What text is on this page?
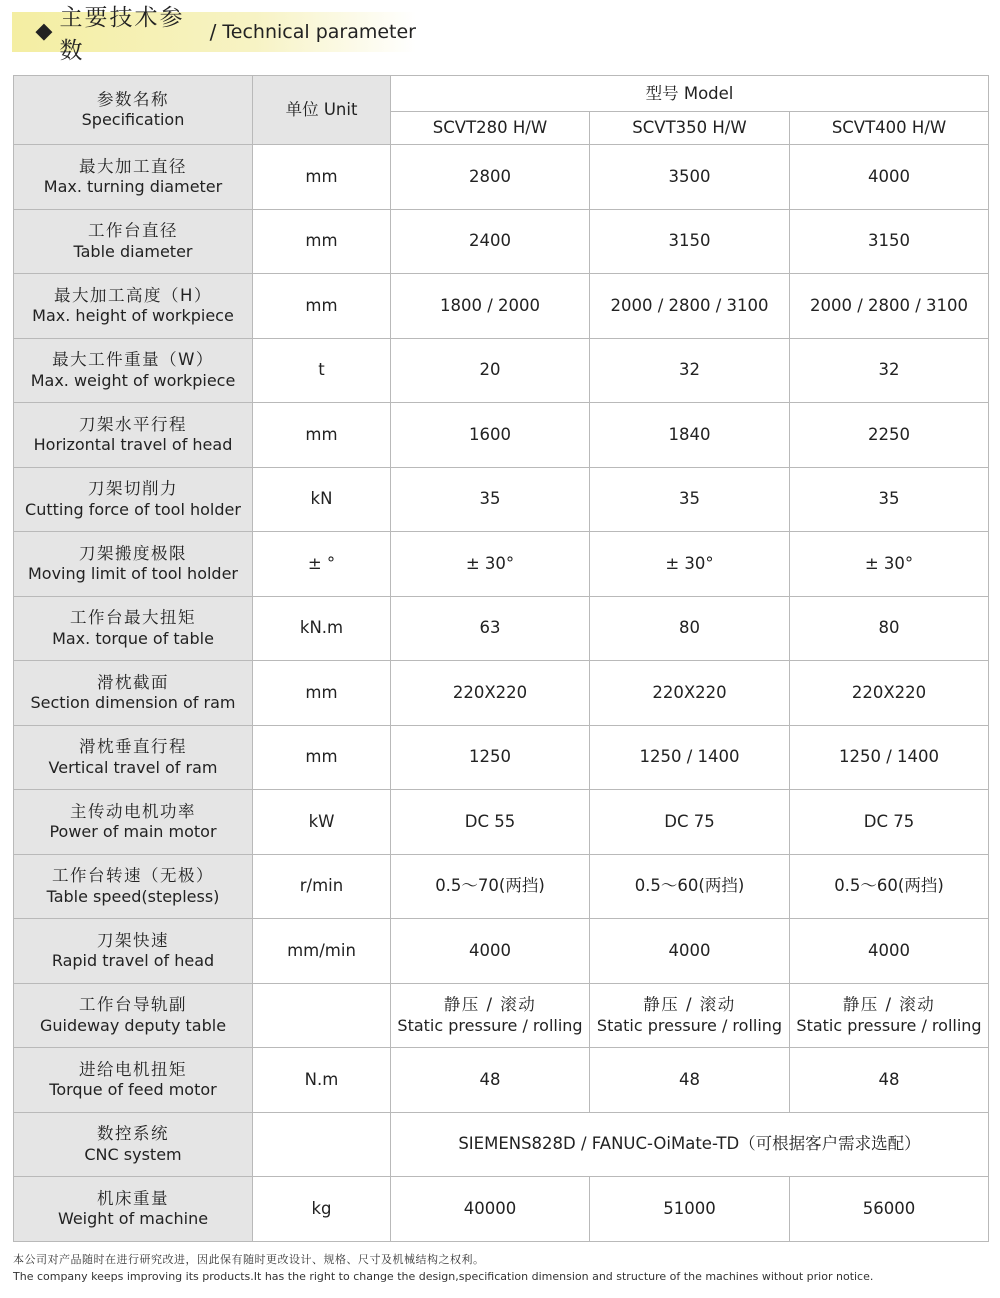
主要技术参数
/ Technical parameter
参数名称
Specification	单位 Unit	型号 Model		
		SCVT280 H/W	SCVT350 H/W	SCVT400 H/W

最大加工直径
Max. turning diameter	mm	2800	3500	4000

工作台直径
Table diameter	mm	2400	3150	3150

最大加工高度（H）
Max. height of workpiece	mm	1800 / 2000	2000 / 2800 / 3100	2000 / 2800 / 3100

最大工件重量（W）
Max. weight of workpiece	t	20	32	32

刀架水平行程
Horizontal travel of head	mm	1600	1840	2250

刀架切削力
Cutting force of tool holder	kN	35	35	35

刀架搬度极限
Moving limit of tool holder	± °	± 30°	± 30°	± 30°

工作台最大扭矩
Max. torque of table	kN.m	63	80	80

滑枕截面
Section dimension of ram	mm	220X220	220X220	220X220

滑枕垂直行程
Vertical travel of ram	mm	1250	1250 / 1400	1250 / 1400

主传动电机功率
Power of main motor	kW	DC 55	DC 75	DC 75

工作台转速（无极）
Table speed(stepless)	r/min	0.5～70(两挡)	0.5～60(两挡)	0.5～60(两挡)

刀架快速
Rapid travel of head	mm/min	4000	4000	4000

工作台导轨副
Guideway deputy table		静压 / 滚动
Static pressure / rolling	静压 / 滚动
Static pressure / rolling	静压 / 滚动
Static pressure / rolling

进给电机扭矩
Torque of feed motor	N.m	48	48	48

数控系统
CNC system		SIEMENS828D / FANUC-OiMate-TD（可根据客户需求选配）		

机床重量
Weight of machine	kg	40000	51000	56000
本公司对产品随时在进行研究改进，因此保有随时更改设计、规格、尺寸及机械结构之权利。
The company keeps improving its products.It has the right to change the design,specification dimension and structure of the machines without prior notice.
